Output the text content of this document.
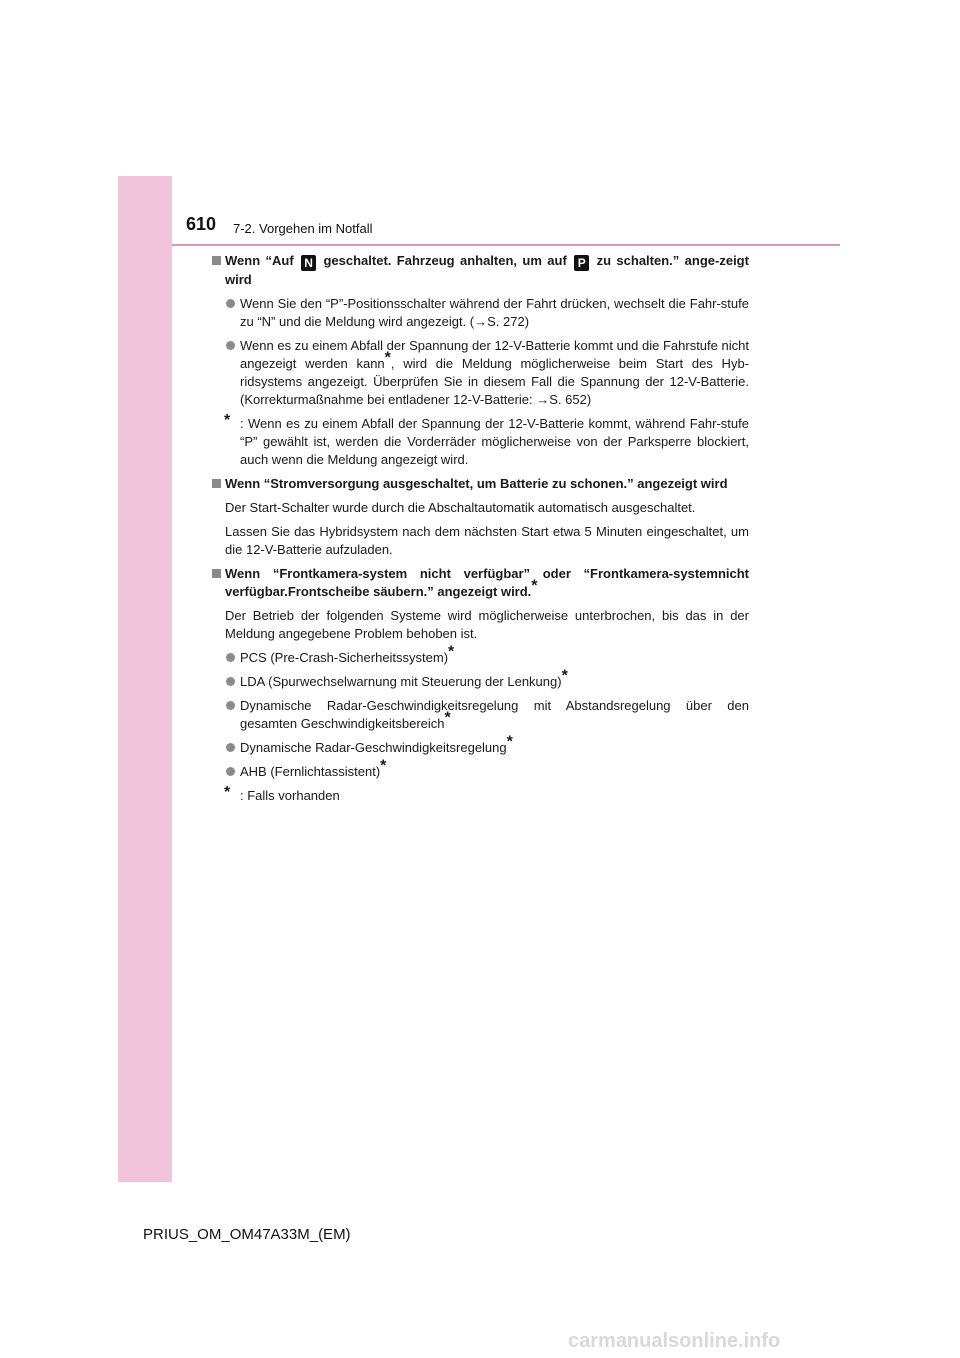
610 7-2. Vorgehen im Notfall
Wenn “Auf N geschaltet. Fahrzeug anhalten, um auf P zu schalten.” ange-zeigt wird
Wenn Sie den “P”-Positionsschalter während der Fahrt drücken, wechselt die Fahr-stufe zu “N” und die Meldung wird angezeigt. (→S. 272)
Wenn es zu einem Abfall der Spannung der 12-V-Batterie kommt und die Fahrstufe nicht angezeigt werden kann*, wird die Meldung möglicherweise beim Start des Hyb-ridsystems angezeigt. Überprüfen Sie in diesem Fall die Spannung der 12-V-Batterie. (Korrekturmaßnahme bei entladener 12-V-Batterie: →S. 652)
* : Wenn es zu einem Abfall der Spannung der 12-V-Batterie kommt, während Fahr-stufe “P” gewählt ist, werden die Vorderräder möglicherweise von der Parksperre blockiert, auch wenn die Meldung angezeigt wird.
Wenn “Stromversorgung ausgeschaltet, um Batterie zu schonen.” angezeigt wird
Der Start-Schalter wurde durch die Abschaltautomatik automatisch ausgeschaltet.
Lassen Sie das Hybridsystem nach dem nächsten Start etwa 5 Minuten eingeschaltet, um die 12-V-Batterie aufzuladen.
Wenn “Frontkamera-system nicht verfügbar” oder “Frontkamera-systemnicht verfügbar.Frontscheibe säubern.” angezeigt wird.*
Der Betrieb der folgenden Systeme wird möglicherweise unterbrochen, bis das in der Meldung angegebene Problem behoben ist.
PCS (Pre-Crash-Sicherheitssystem)*
LDA (Spurwechselwarnung mit Steuerung der Lenkung)*
Dynamische Radar-Geschwindigkeitsregelung mit Abstandsregelung über den gesamten Geschwindigkeitsbereich*
Dynamische Radar-Geschwindigkeitsregelung*
AHB (Fernlichtassistent)*
* : Falls vorhanden
PRIUS_OM_OM47A33M_(EM)
carmanualsonline.info
